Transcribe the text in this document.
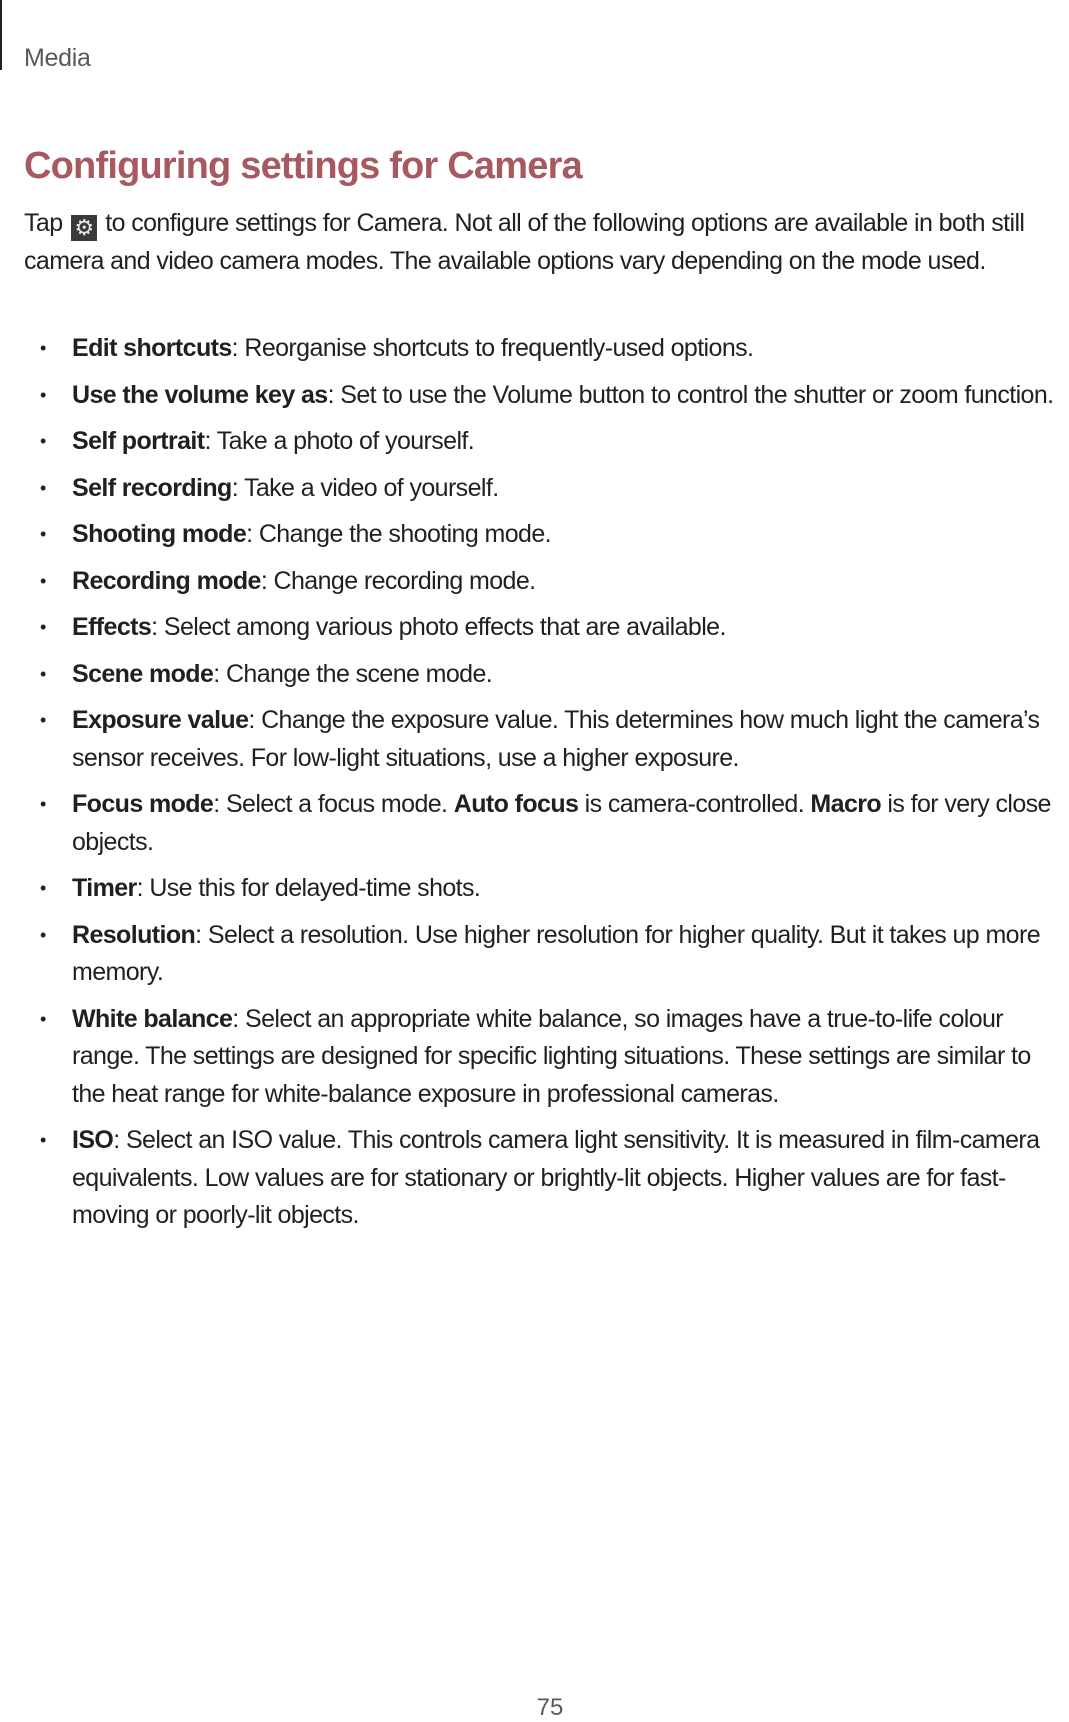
Media
Configuring settings for Camera

Tap ⚙ to configure settings for Camera. Not all of the following options are available in both still camera and video camera modes. The available options vary depending on the mode used.

• Edit shortcuts: Reorganise shortcuts to frequently-used options.
• Use the volume key as: Set to use the Volume button to control the shutter or zoom function.
• Self portrait: Take a photo of yourself.
• Self recording: Take a video of yourself.
• Shooting mode: Change the shooting mode.
• Recording mode: Change recording mode.
• Effects: Select among various photo effects that are available.
• Scene mode: Change the scene mode.
• Exposure value: Change the exposure value. This determines how much light the camera’s sensor receives. For low-light situations, use a higher exposure.
• Focus mode: Select a focus mode. Auto focus is camera-controlled. Macro is for very close objects.
• Timer: Use this for delayed-time shots.
• Resolution: Select a resolution. Use higher resolution for higher quality. But it takes up more memory.
• White balance: Select an appropriate white balance, so images have a true-to-life colour range. The settings are designed for specific lighting situations. These settings are similar to the heat range for white-balance exposure in professional cameras.
• ISO: Select an ISO value. This controls camera light sensitivity. It is measured in film-camera equivalents. Low values are for stationary or brightly-lit objects. Higher values are for fast-moving or poorly-lit objects.
75
